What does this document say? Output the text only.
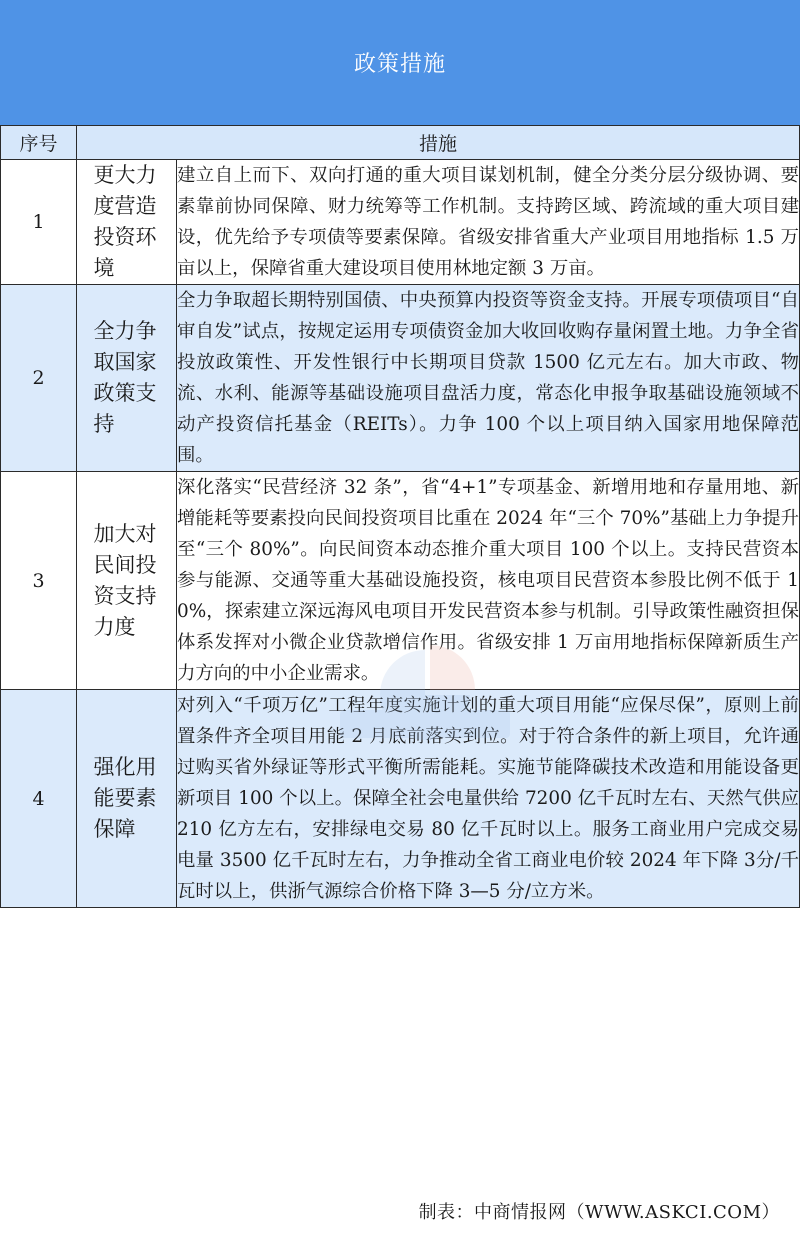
政策措施
序号	措施	
1	更大力度营造投资环境	建立自上而下、双向打通的重大项目谋划机制，健全分类分层分级协调、要素靠前协同保障、财力统筹等工作机制。支持跨区域、跨流域的重大项目建设，优先给予专项债等要素保障。省级安排省重大产业项目用地指标 1.5 万亩以上，保障省重大建设项目使用林地定额 3 万亩。
2	全力争取国家政策支持	全力争取超长期特别国债、中央预算内投资等资金支持。开展专项债项目“自审自发”试点，按规定运用专项债资金加大收回收购存量闲置土地。力争全省投放政策性、开发性银行中长期项目贷款 1500 亿元左右。加大市政、物流、水利、能源等基础设施项目盘活力度，常态化申报争取基础设施领域不动产投资信托基金（REITs）。力争 100 个以上项目纳入国家用地保障范围。
3	加大对民间投资支持力度	深化落实“民营经济 32 条”，省“4+1”专项基金、新增用地和存量用地、新增能耗等要素投向民间投资项目比重在 2024 年“三个 70%”基础上力争提升至“三个 80%”。向民间资本动态推介重大项目 100 个以上。支持民营资本参与能源、交通等重大基础设施投资，核电项目民营资本参股比例不低于 10%，探索建立深远海风电项目开发民营资本参与机制。引导政策性融资担保体系发挥对小微企业贷款增信作用。省级安排 1 万亩用地指标保障新质生产力方向的中小企业需求。
4	强化用能要素保障	对列入“千项万亿”工程年度实施计划的重大项目用能“应保尽保”，原则上前置条件齐全项目用能 2 月底前落实到位。对于符合条件的新上项目，允许通过购买省外绿证等形式平衡所需能耗。实施节能降碳技术改造和用能设备更新项目 100 个以上。保障全社会电量供给 7200 亿千瓦时左右、天然气供应 210 亿方左右，安排绿电交易 80 亿千瓦时以上。服务工商业用户完成交易电量 3500 亿千瓦时左右，力争推动全省工商业电价较 2024 年下降 3分/千瓦时以上，供浙气源综合价格下降 3—5 分/立方米。
制表：中商情报网（WWW.ASKCI.COM）
